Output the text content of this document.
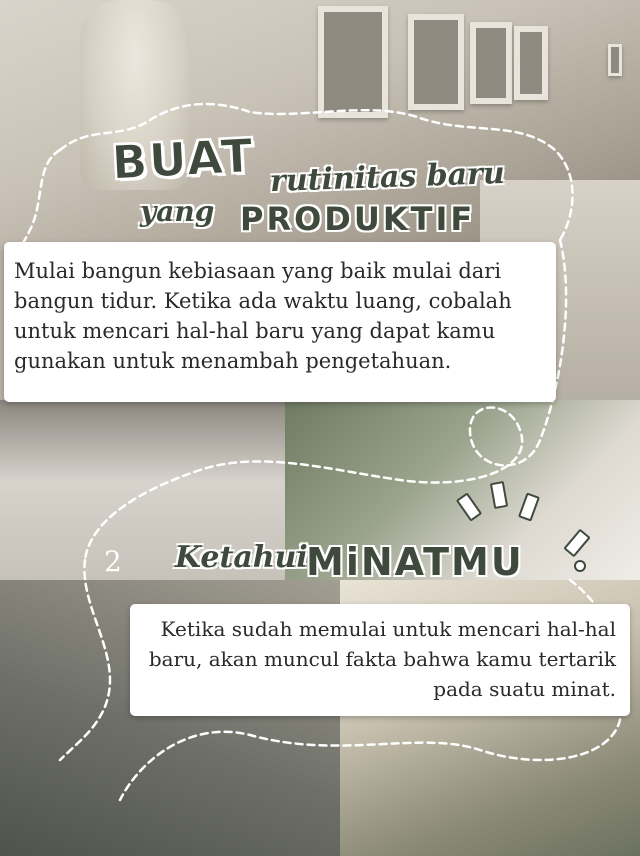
BUAT rutinitas baru
yang PRODUKTIF
Mulai bangun kebiasaan yang baik mulai dari bangun tidur. Ketika ada waktu luang, cobalah untuk mencari hal-hal baru yang dapat kamu gunakan untuk menambah pengetahuan.
2 Ketahui
MiNATMU
Ketika sudah memulai untuk mencari hal-hal baru, akan muncul fakta bahwa kamu tertarik pada suatu minat.
